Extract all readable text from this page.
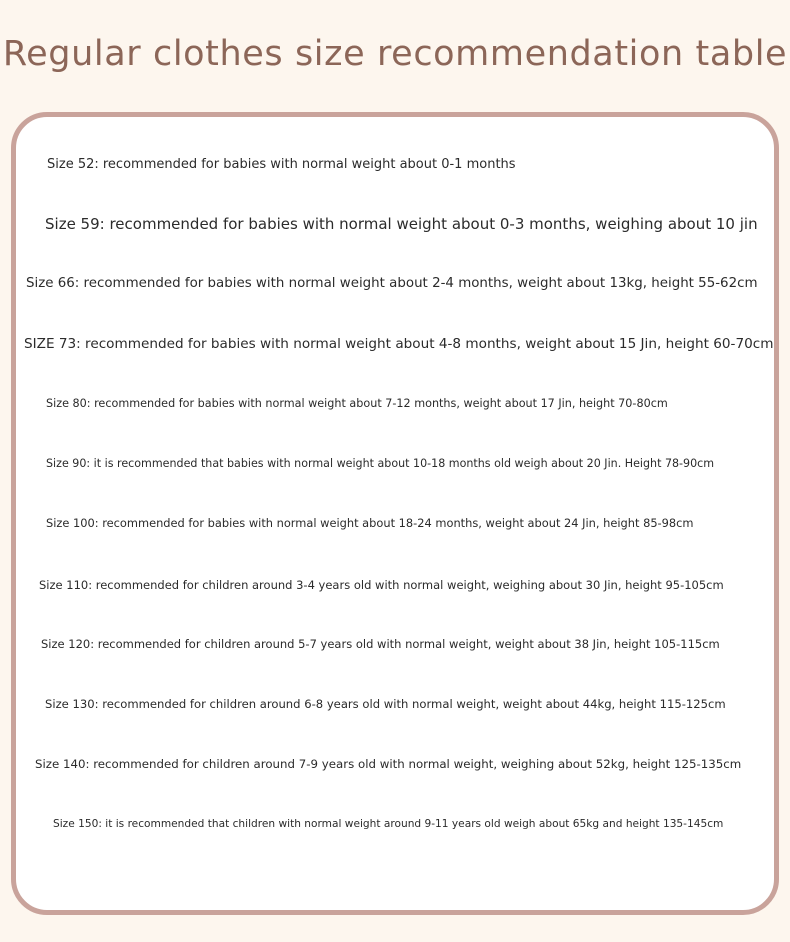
Regular clothes size recommendation table
Size 52: recommended for babies with normal weight about 0-1 months
Size 59: recommended for babies with normal weight about 0-3 months, weighing about 10 jin
Size 66: recommended for babies with normal weight about 2-4 months, weight about 13kg, height 55-62cm
SIZE 73: recommended for babies with normal weight about 4-8 months, weight about 15 Jin, height 60-70cm
Size 80: recommended for babies with normal weight about 7-12 months, weight about 17 Jin, height 70-80cm
Size 90: it is recommended that babies with normal weight about 10-18 months old weigh about 20 Jin. Height 78-90cm
Size 100: recommended for babies with normal weight about 18-24 months, weight about 24 Jin, height 85-98cm
Size 110: recommended for children around 3-4 years old with normal weight, weighing about 30 Jin, height 95-105cm
Size 120: recommended for children around 5-7 years old with normal weight, weight about 38 Jin, height 105-115cm
Size 130: recommended for children around 6-8 years old with normal weight, weight about 44kg, height 115-125cm
Size 140: recommended for children around 7-9 years old with normal weight, weighing about 52kg, height 125-135cm
Size 150: it is recommended that children with normal weight around 9-11 years old weigh about 65kg and height 135-145cm
